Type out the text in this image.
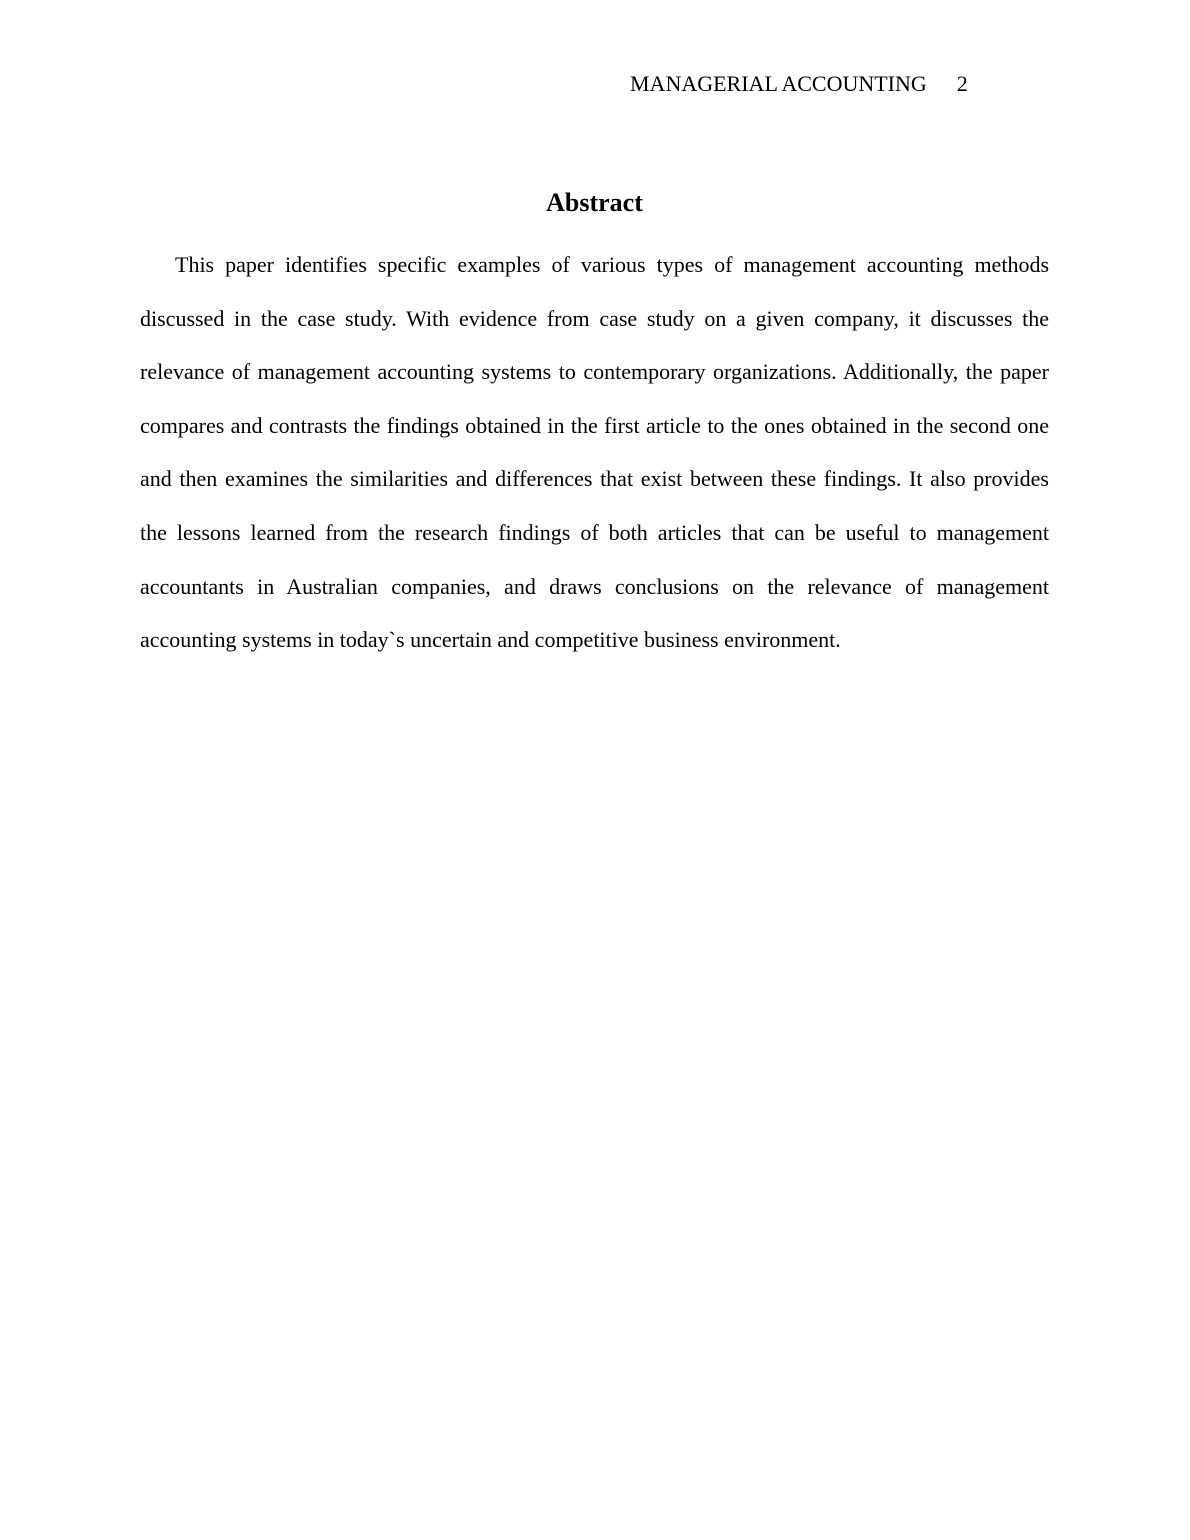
MANAGERIAL ACCOUNTING 2
Abstract

This paper identifies specific examples of various types of management accounting methods discussed in the case study. With evidence from case study on a given company, it discusses the relevance of management accounting systems to contemporary organizations. Additionally, the paper compares and contrasts the findings obtained in the first article to the ones obtained in the second one and then examines the similarities and differences that exist between these findings. It also provides the lessons learned from the research findings of both articles that can be useful to management accountants in Australian companies, and draws conclusions on the relevance of management accounting systems in today`s uncertain and competitive business environment.
